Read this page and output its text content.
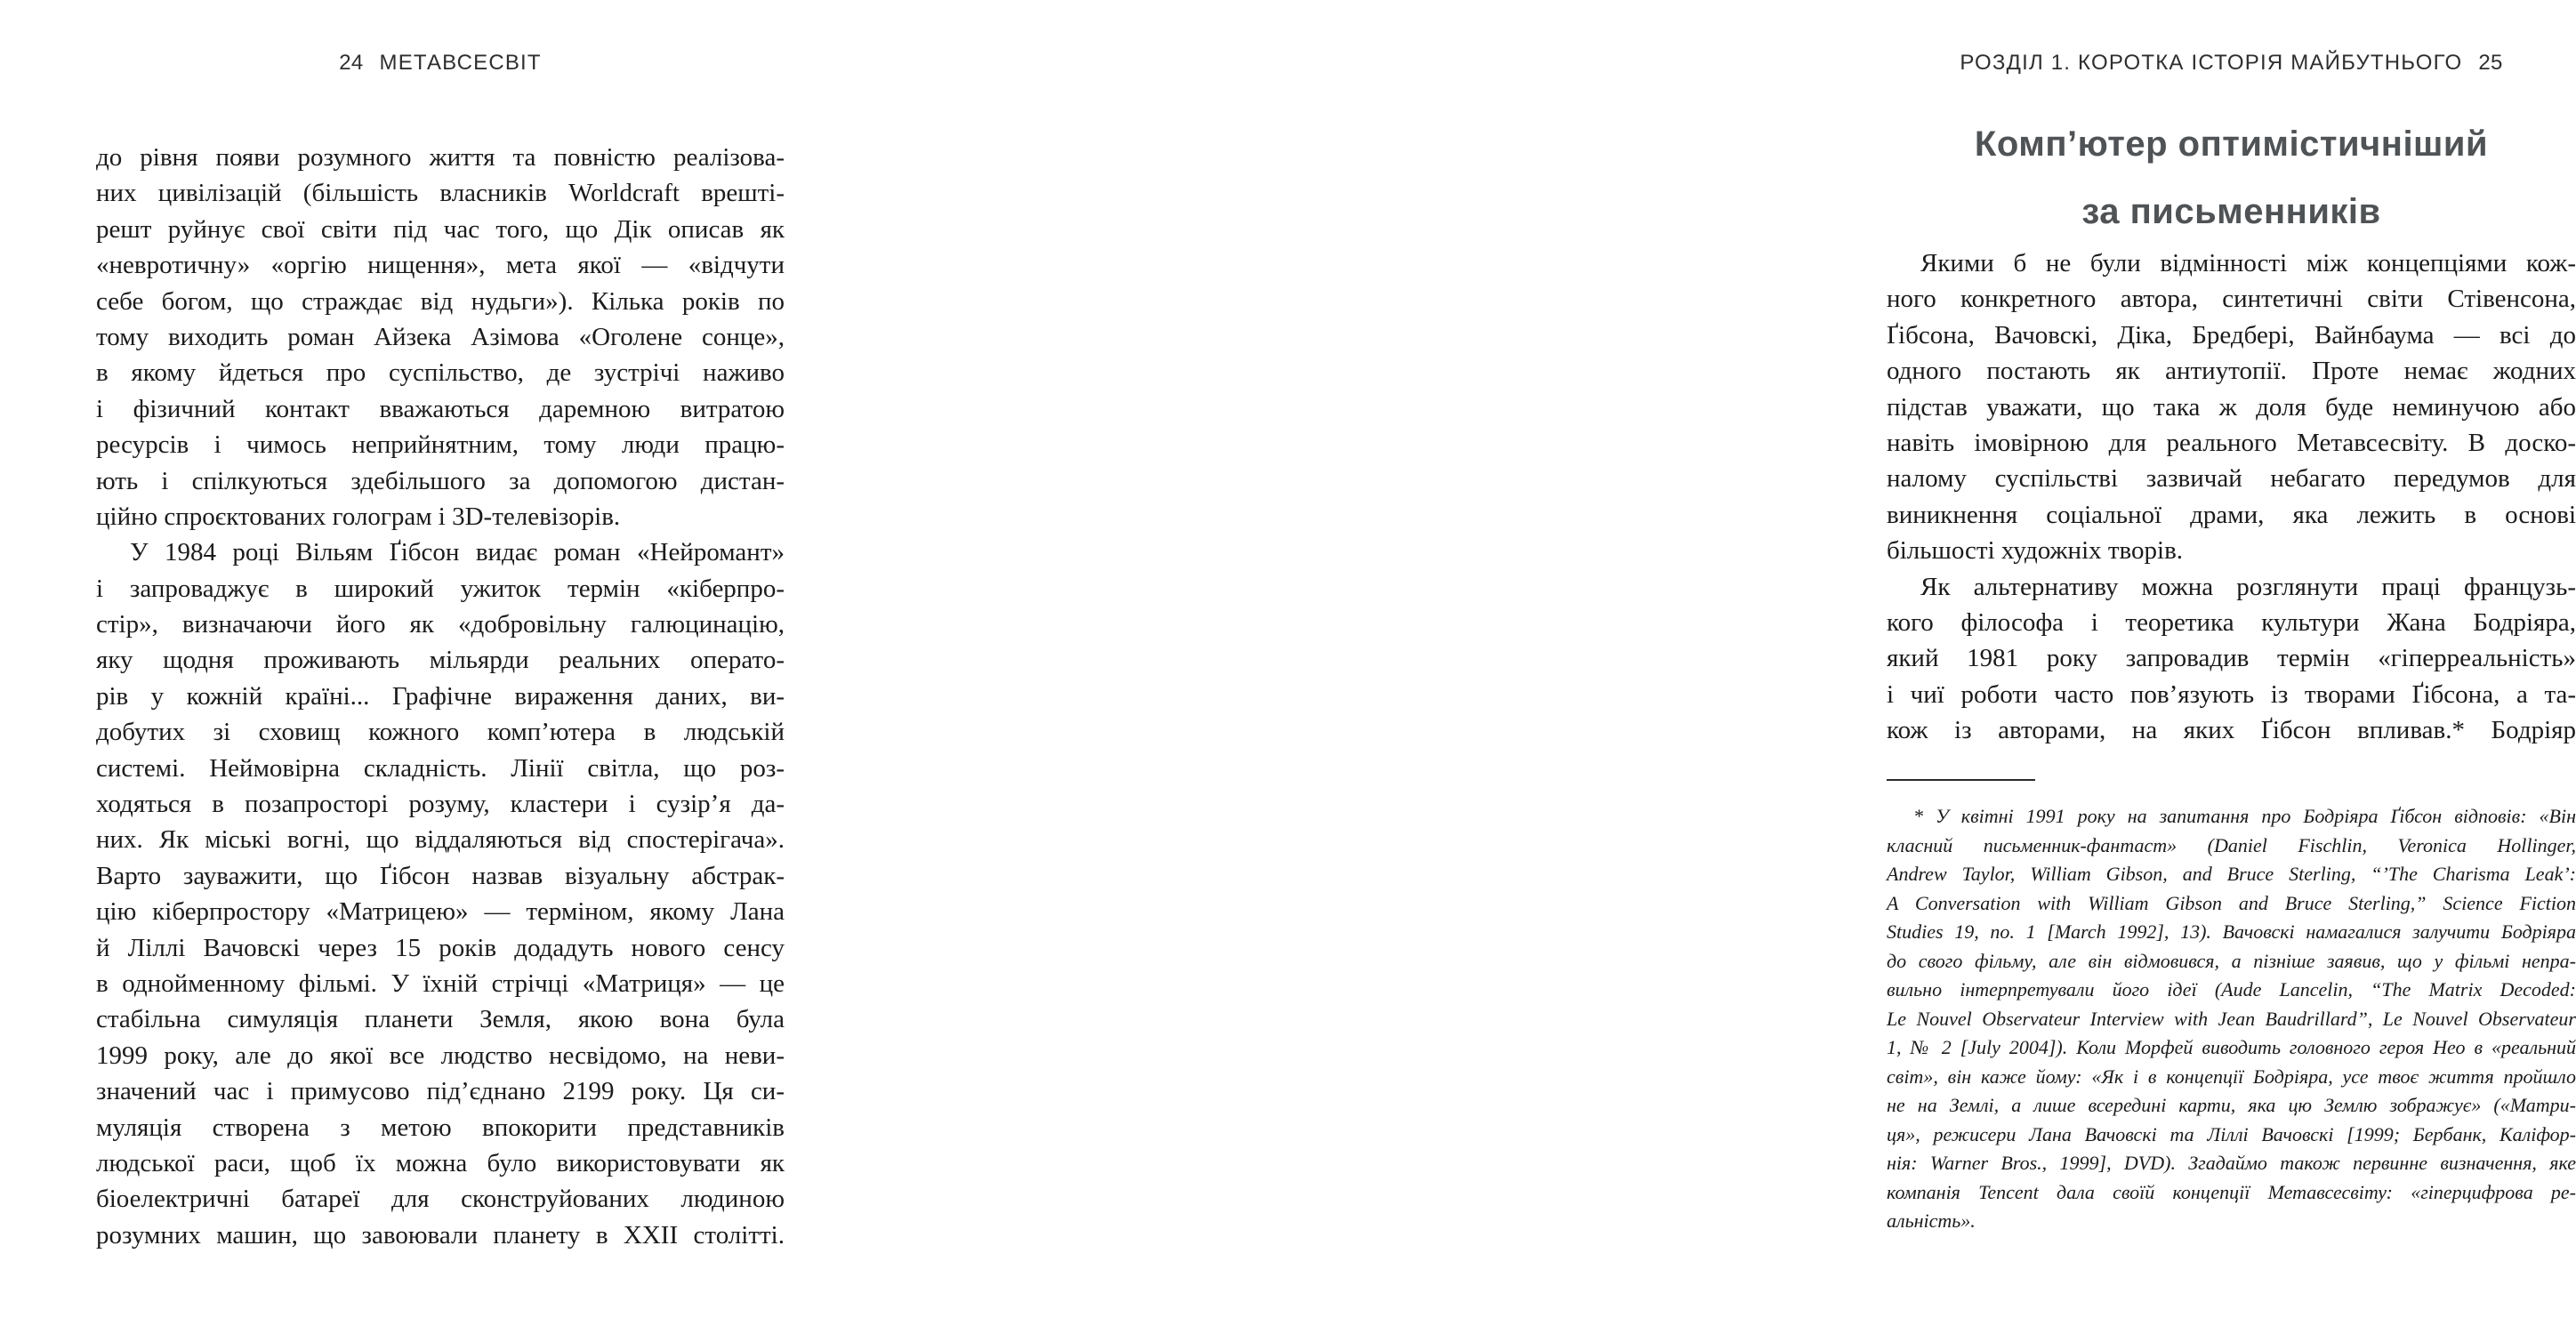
24 МЕТАВСЕСВІТ
до рівня появи розумного життя та повністю реалізова-
них цивілізацій (більшість власників Worldcraft врешті-
решт руйнує свої світи під час того, що Дік описав як
«невротичну» «оргію нищення», мета якої — «відчути
себе богом, що страждає від нудьги»). Кілька років по
тому виходить роман Айзека Азімова «Оголене сонце»,
в якому йдеться про суспільство, де зустрічі наживо
і фізичний контакт вважаються даремною витратою
ресурсів і чимось неприйнятним, тому люди працю-
ють і спілкуються здебільшого за допомогою дистан-
ційно спроєктованих голограм і 3D-телевізорів.
У 1984 році Вільям Ґібсон видає роман «Нейромант»
і запроваджує в широкий ужиток термін «кіберпро-
стір», визначаючи його як «добровільну галюцинацію,
яку щодня проживають мільярди реальних операто-
рів у кожній країні... Графічне вираження даних, ви-
добутих зі сховищ кожного комп’ютера в людській
системі. Неймовірна складність. Лінії світла, що роз-
ходяться в позапросторі розуму, кластери і сузір’я да-
них. Як міські вогні, що віддаляються від спостерігача».
Варто зауважити, що Ґібсон назвав візуальну абстрак-
цію кіберпростору «Матрицею» — терміном, якому Лана
й Ліллі Вачовскі через 15 років додадуть нового сенсу
в однойменному фільмі. У їхній стрічці «Матриця» — це
стабільна симуляція планети Земля, якою вона була
1999 року, але до якої все людство несвідомо, на неви-
значений час і примусово під’єднано 2199 року. Ця си-
муляція створена з метою впокорити представників
людської раси, щоб їх можна було використовувати як
біоелектричні батареї для сконструйованих людиною
розумних машин, що завоювали планету в XXII столітті.
РОЗДІЛ 1. КОРОТКА ІСТОРІЯ МАЙБУТНЬОГО 25
Комп’ютер оптимістичніший
за письменників
Якими б не були відмінності між концепціями кож-
ного конкретного автора, синтетичні світи Стівенсона,
Ґібсона, Вачовскі, Діка, Бредбері, Вайнбаума — всі до
одного постають як антиутопії. Проте немає жодних
підстав уважати, що така ж доля буде неминучою або
навіть імовірною для реального Метавсесвіту. В доско-
налому суспільстві зазвичай небагато передумов для
виникнення соціальної драми, яка лежить в основі
більшості художніх творів.
Як альтернативу можна розглянути праці французь-
кого філософа і теоретика культури Жана Бодріяра,
який 1981 року запровадив термін «гіперреальність»
і чиї роботи часто пов’язують із творами Ґібсона, а та-
кож із авторами, на яких Ґібсон впливав.* Бодріяр
* У квітні 1991 року на запитання про Бодріяра Ґібсон відповів: «Він
класний письменник-фантаст» (Daniel Fischlin, Veronica Hollinger,
Andrew Taylor, William Gibson, and Bruce Sterling, “’The Charisma Leak’:
A Conversation with William Gibson and Bruce Sterling,” Science Fiction
Studies 19, no. 1 [March 1992], 13). Вачовскі намагалися залучити Бодріяра
до свого фільму, але він відмовився, а пізніше заявив, що у фільмі непра-
вильно інтерпретували його ідеї (Aude Lancelin, “The Matrix Decoded:
Le Nouvel Observateur Interview with Jean Baudrillard”, Le Nouvel Observateur
1, № 2 [July 2004]). Коли Морфей виводить головного героя Нео в «реальний
світ», він каже йому: «Як і в концепції Бодріяра, усе твоє життя пройшло
не на Землі, а лише всередині карти, яка цю Землю зображує» («Матри-
ця», режисери Лана Вачовскі та Ліллі Вачовскі [1999; Бербанк, Каліфор-
нія: Warner Bros., 1999], DVD). Згадаймо також первинне визначення, яке
компанія Tencent дала своїй концепції Метавсесвіту: «гіперцифрова ре-
альність».
